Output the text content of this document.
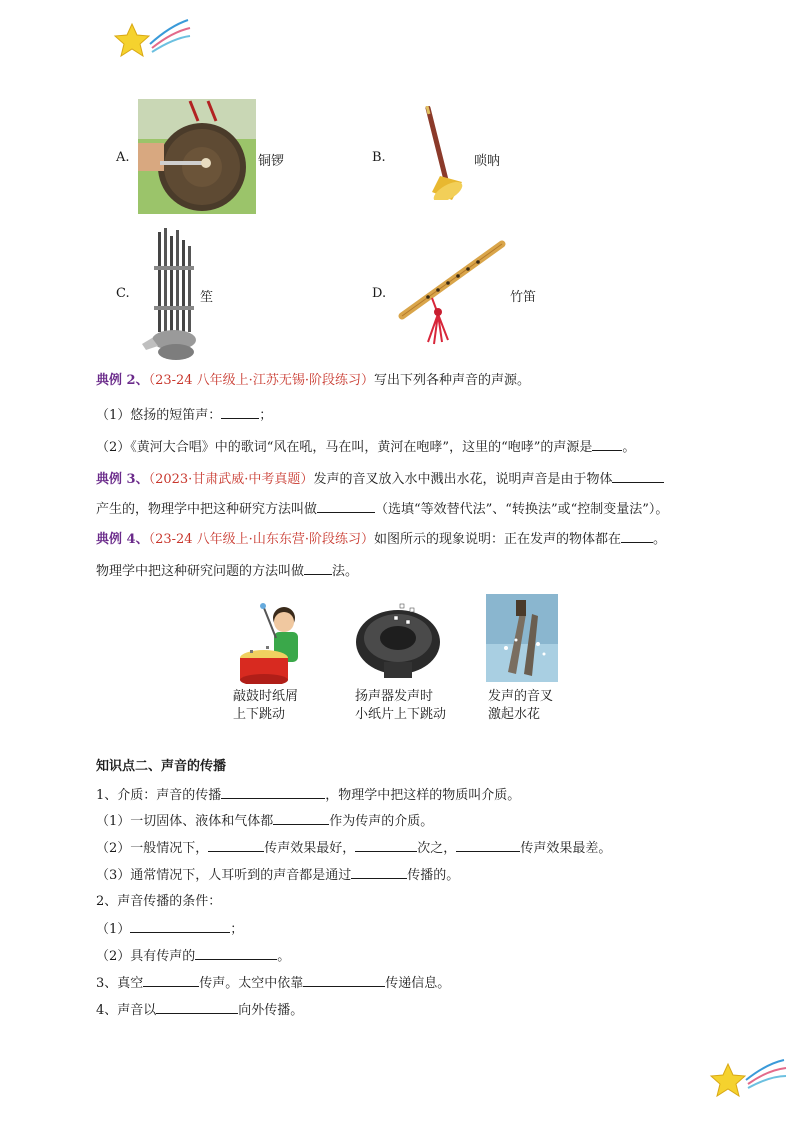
A.	铜锣	B.	唢呐
C.	笙	D.	竹笛
典例 2、（23-24 八年级上·江苏无锡·阶段练习）写出下列各种声音的声源。
（1）悠扬的短笛声：	；
（2）《黄河大合唱》中的歌词“风在吼，马在叫，黄河在咆哮”，这里的“咆哮”的声源是 。
典例 3、（2023·甘肃武威·中考真题）发声的音叉放入水中溅出水花，说明声音是由于物体
产生的，物理学中把这种研究方法叫做	（选填“等效替代法”、“转换法”或“控制变量法”）。
典例 4、（23-24 八年级上·山东东营·阶段练习）如图所示的现象说明：正在发声的物体都在 。
物理学中把这种研究问题的方法叫做 法。
敲鼓时纸屑
上下跳动
扬声器发声时
小纸片上下跳动
发声的音叉
激起水花
知识点二、声音的传播
1、介质：声音的传播	，物理学中把这样的物质叫介质。
（1）一切固体、液体和气体都	作为传声的介质。
（2）一般情况下，	传声效果最好，	次之，	传声效果最差。
（3）通常情况下，人耳听到的声音都是通过	传播的。
2、声音传播的条件：
（1）	；
（2）具有传声的	。
3、真空	传声。太空中依靠	传递信息。
4、声音以	向外传播。
